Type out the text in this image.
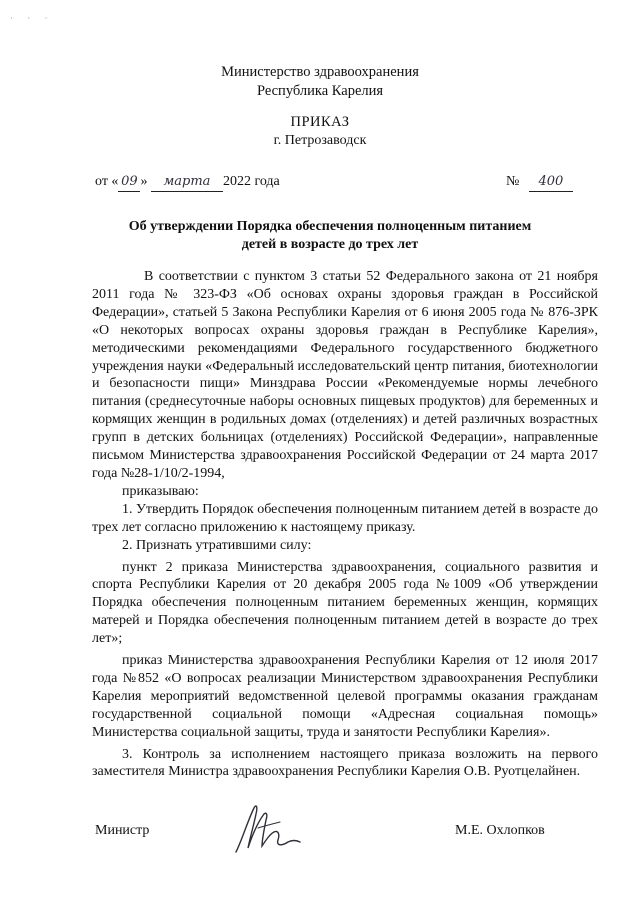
· · ·
Министерство здравоохранения
Республика Карелия
ПРИКАЗ
г. Петрозаводск
от « 09 » марта 2022 года	№ 400
Об утверждении Порядка обеспечения полноценным питанием
детей в возрасте до трех лет

В соответствии с пунктом 3 статьи 52 Федерального закона от 21 ноября 2011 года № 323-ФЗ «Об основах охраны здоровья граждан в Российской Федерации», статьей 5 Закона Республики Карелия от 6 июня 2005 года № 876-ЗРК «О некоторых вопросах охраны здоровья граждан в Республике Карелия», методическими рекомендациями Федерального государственного бюджетного учреждения науки «Федеральный исследовательский центр питания, биотехнологии и безопасности пищи» Минздрава России «Рекомендуемые нормы лечебного питания (среднесуточные наборы основных пищевых продуктов) для беременных и кормящих женщин в родильных домах (отделениях) и детей различных возрастных групп в детских больницах (отделениях) Российской Федерации», направленные письмом Министерства здравоохранения Российской Федерации от 24 марта 2017 года №28-1/10/2-1994,

приказываю:

1. Утвердить Порядок обеспечения полноценным питанием детей в возрасте до трех лет согласно приложению к настоящему приказу.

2. Признать утратившими силу:

пункт 2 приказа Министерства здравоохранения, социального развития и спорта Республики Карелия от 20 декабря 2005 года №1009 «Об утверждении Порядка обеспечения полноценным питанием беременных женщин, кормящих матерей и Порядка обеспечения полноценным питанием детей в возрасте до трех лет»;

приказ Министерства здравоохранения Республики Карелия от 12 июля 2017 года №852 «О вопросах реализации Министерством здравоохранения Республики Карелия мероприятий ведомственной целевой программы оказания гражданам государственной социальной помощи «Адресная социальная помощь» Министерства социальной защиты, труда и занятости Республики Карелия».

3. Контроль за исполнением настоящего приказа возложить на первого заместителя Министра здравоохранения Республики Карелия О.В. Руотцелайнен.

Министр	М.Е. Охлопков
